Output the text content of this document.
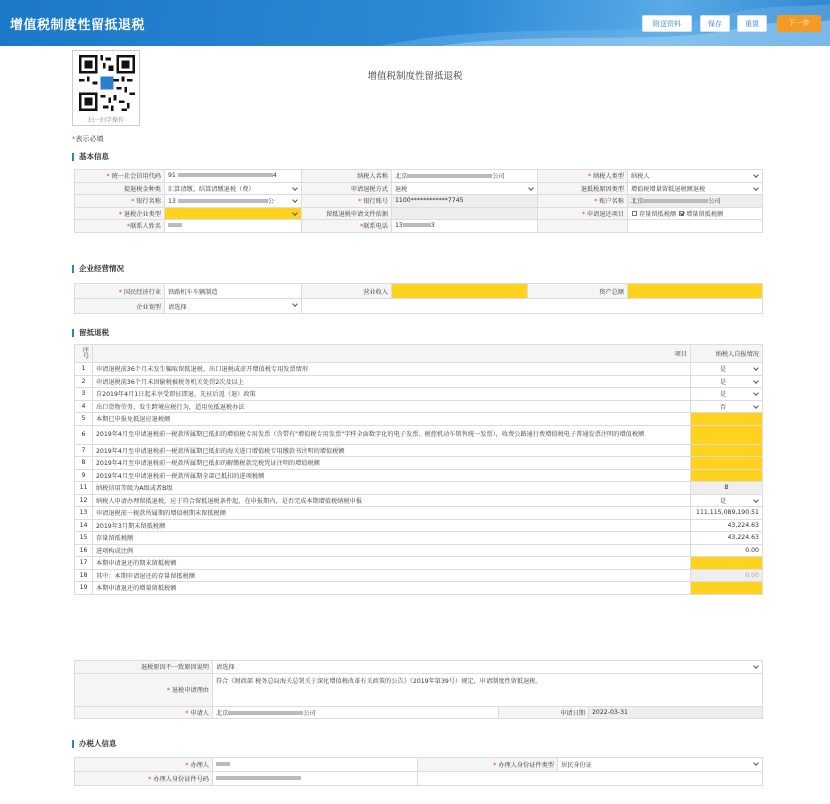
增值税制度性留抵退税	附送资料	保存	重置	下一步
扫一扫字操作
增值税制度性留抵退税
*表示必填
基本信息
* 统一社会信用代码	91 4	纳税人名称	北京 公司	* 纳税人类型	纳税人
提退税金种类	汇算清缴、结算清缴退税（费）	申请退税方式	退税	退抵税原因类型	增值税增量留抵退税额退税
* 银行名称	13 公	* 银行账号	1100************7745	* 账户名称	北京 公司
* 退税企业类型		留抵退税申请文件依据		* 申请退还项目	存量留抵税额 增量留抵税额
*联系人姓名		*联系电话	13 3		
企业经营情况
* 国民经济行业	铁路机车车辆制造	营业收入		资产总额	
企业划型	请选择				
留抵退税
序号	项目	纳税人自报情况
1	申请退税前36个月未发生骗取留抵退税、出口退税或虚开增值税专用发票情形	是
2	申请退税前36个月未因偷税被税务机关处罚2次及以上	是
3	自2019年4月1日起未享受即征即退、先征后返（退）政策	是
4	出口货物劳务、发生跨境应税行为，适用免抵退税办法	否
5	本期已申报免抵退应退税额	
6	2019年4月至申请退税前一税款所属期已抵扣的增值税专用发票（含带有"增值税专用发票"字样全面数字化的电子发票、税控机动车销售统一发票），收费公路通行费增值税电子普通发票注明的增值税额	
7	2019年4月至申请退税前一税款所属期已抵扣的海关进口增值税专用缴款书注明的增值税额	
8	2019年4月至申请退税前一税款所属期已抵扣的解缴税款完税凭证注明的增值税额	
9	2019年4月至申请退税前一税款所属期全部已抵扣的进项税额	
11	纳税信用等级为A级或者B级	B
12	纳税人申请办理留抵退税，应于符合留抵退税条件起，在申报期内，是否完成本期增值税纳税申报	是
13	申请退税前一税款所属期的增值税期末留抵税额	111,115,089,190.51
14	2019年3月期末留抵税额	43,224.63
15	存量留抵税额	43,224.63
16	进项构成比例	0.00
17	本期申请退还的期末留抵税额	
18	其中：本期申请退还的存量留抵税额	0.00
19	本期申请退还的增量留抵税额	
退税原因不一致原因说明	请选择		
* 退税申请理由	符合《财政部 税务总局海关总署关于深化增值税改革有关政策的公告》（2019年第39号）规定，申请制度性留抵退税。		
* 申请人	北京 公司	申请日期	2022-03-31
办税人信息
* 办理人		* 办理人身份证件类型	居民身份证
* 办理人身份证件号码			
